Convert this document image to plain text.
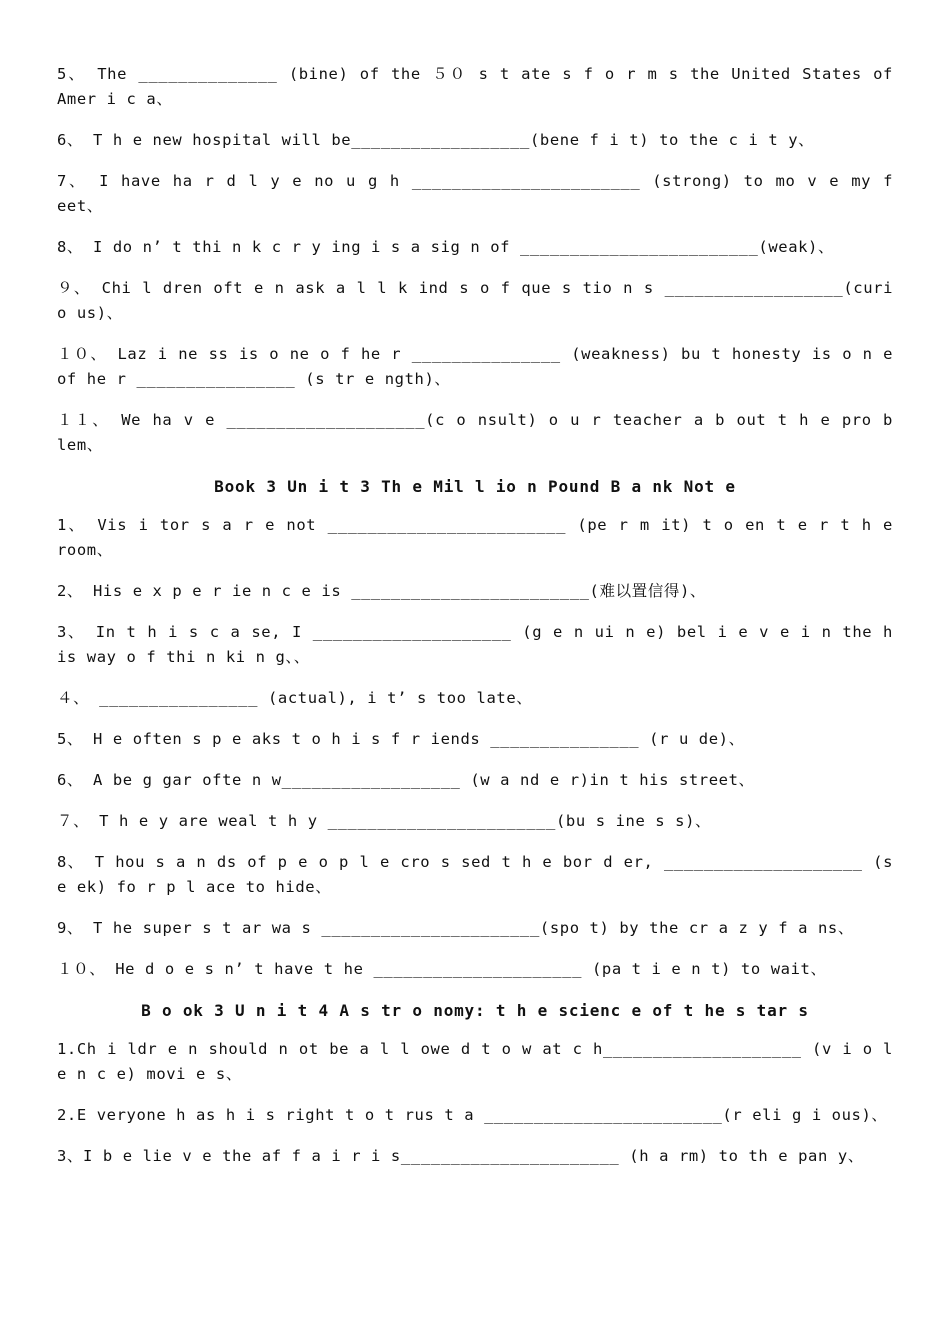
5、 The ______________ (bine) of the ５０ s t ate s f o r m s the United States of Amer i c a、

6、 T h e new hospital will be__________________(bene f i t) to the c i t y、

7、 I have ha r d l y e no u g h _______________________ (strong) to mo v e my f eet、

8、 I do n’ t thi n k c r y ing i s a sig n of ________________________(weak)、

９、 Chi l dren oft e n ask a l l k ind s o f que s tio n s __________________(curi o us)、

１０、 Laz i ne ss is o ne o f he r _______________ (weakness) bu t honesty is o n e of he r ________________ (s tr e ngth)、

１１、 We ha v e ____________________(c o nsult) o u r teacher a b out t h e pro b lem、

Book 3 Un i t 3 Th e Mil l io n Pound B a nk Not e

1、 Vis i tor s a r e not ________________________ (pe r m it) t o en t e r t h e room、

2、 His e x p e r ie n c e is ________________________(难以置信得)、

3、 In t h i s c a se, I ____________________ (g e n ui n e) bel i e v e i n the h is way o f thi n ki n g、、

４、 ________________ (actual), i t’ s too late、

5、 H e often s p e aks t o h i s f r iends _______________ (r u de)、

6、 A be g gar ofte n w__________________ (w a nd e r)in t his street、

７、 T h e y are weal t h y _______________________(bu s ine s s)、

8、 T hou s a n ds of p e o p l e cro s sed t h e bor d er, ____________________ (s e ek) fo r p l ace to hide、

9、 T he super s t ar wa s ______________________(spo t) by the cr a z y f a ns、

１０、 He d o e s n’ t have t he _____________________ (pa t i e n t) to wait、

B o ok 3 U n i t 4 A s tr o nomy: t h e scienc e of t he s tar s

1.Ch i ldr e n should n ot be a l l owe d t o w at c h____________________ (v i o l e n c e) movi e s、

2.E veryone h as h i s right t o t rus t a ________________________(r eli g i ous)、

3、I b e lie v e the af f a i r i s______________________ (h a rm) to th e pan y、
